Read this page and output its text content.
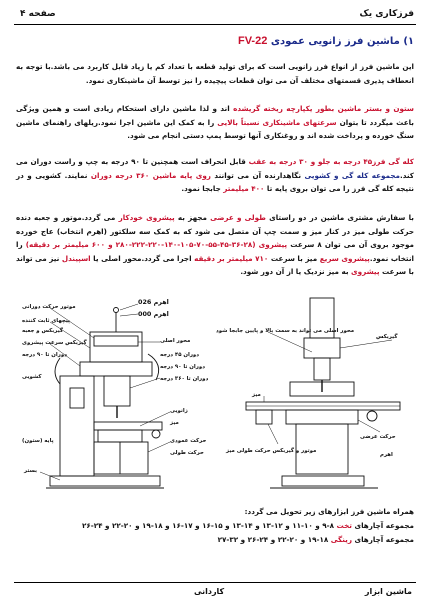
فرزکاری یک
صفحه ۴
۱) ماشین فرز زانویی عمودی FV-22
این ماشین فرز از انواع فرز زانویی است که برای تولید قطعه با تعداد کم یا زیاد قابل کاربرد می باشد.با توجه به انعطاف پذیری قسمتهای مختلف آن می توان قطعات پیچیده را نیز توسط آن ماشینکاری نمود.
ستون و بستر ماشین بطور یکپارچه ریخته گریشده اند و لذا ماشین دارای استحکام زیادی است و همین ویژگی باعث میگردد تا بتوان سرعتهای ماشینکاری نسبتاً بالایی را به کمک این ماشین اجرا نمود.ریلهای راهنمای ماشین سنگ خورده و پرداخت شده اند و روغنکاری آنها توسط پمپ دستی انجام می شود.
کله گی فرز۴۵ درجه به جلو و ۳۰ درجه به عقب قابل انحراف است همچنین تا ۹۰ درجه به چپ و راست دوران می کند.مجموعه کله گی و کشویی نگاهدارنده آن می توانند روی پایه ماشین ۳۶۰ درجه دوران نمایند. کشویی و در نتیجه کله گی فرز را می توان بروی پایه تا ۴۰۰ میلیمتر جابجا نمود.
با سفارش مشتری ماشین در دو راستای طولی و عرضی مجهز به پیشروی خودکار می گردد.موتور و جعبه دنده حرکت طولی میز در کنار میز و سمت چپ آن متصل می شود که به کمک سه سلکتور (اهرم انتخاب) عاج خورده موجود بروی آن می توان ۸ سرعت پیشروی (۲۸-۳۶-۴۵-۵۵-۷۰-۱۰۵-۱۴۰-۲۲۰-۲۲۲-۲۸۰ و ۶۰۰ میلیمتر بر دقیقه) را انتخاب نمود.پیشروی سریع میز با سرعت ۷۱۰ میلیمتر بر دقیقه اجرا می گردد.محور اصلی یا اسپیندل نیز می تواند با سرعت پیشروی به میز نزدیک یا از آن دور شود.
اهرم 026
اهرم 000
موتور حرکت دورانی
پیچهای ثابت کننده
گیربکس و جعبه
گیربکس سرعت پیشروی
دوران تا ۹۰ درجه
محور اصلی
دوران ۴۵ درجه
دوران تا ۹۰ درجه
کشویی	دوران تا ۳۶۰ درجه
زانویی
میز
پایه (ستون)	حرکت عمودی
حرکت طولی
بستر
محور اصلی می تواند به سمت بالا و پایین جابجا شود
گیربکس
میز
حرکت عرضی
موتور و گیربکس حرکت طولی میز
اهرم
همراه ماشین فرز ابزارهای زیر تحویل می گردد:
مجموعه آچارهای تخت ۸-۹ و ۱۰-۱۱ و ۱۲-۱۳ و ۱۴-۱۳ و ۱۵-۱۶ و ۱۷-۱۶ و ۱۸-۱۹ و ۲۰-۲۲ و ۲۴-۲۶
مجموعه آچارهای رینگی ۱۸-۱۹ و ۲۰-۲۲ و ۲۴-۲۶ و ۳۲-۲۷
ماشین ابزار
کاردانی
